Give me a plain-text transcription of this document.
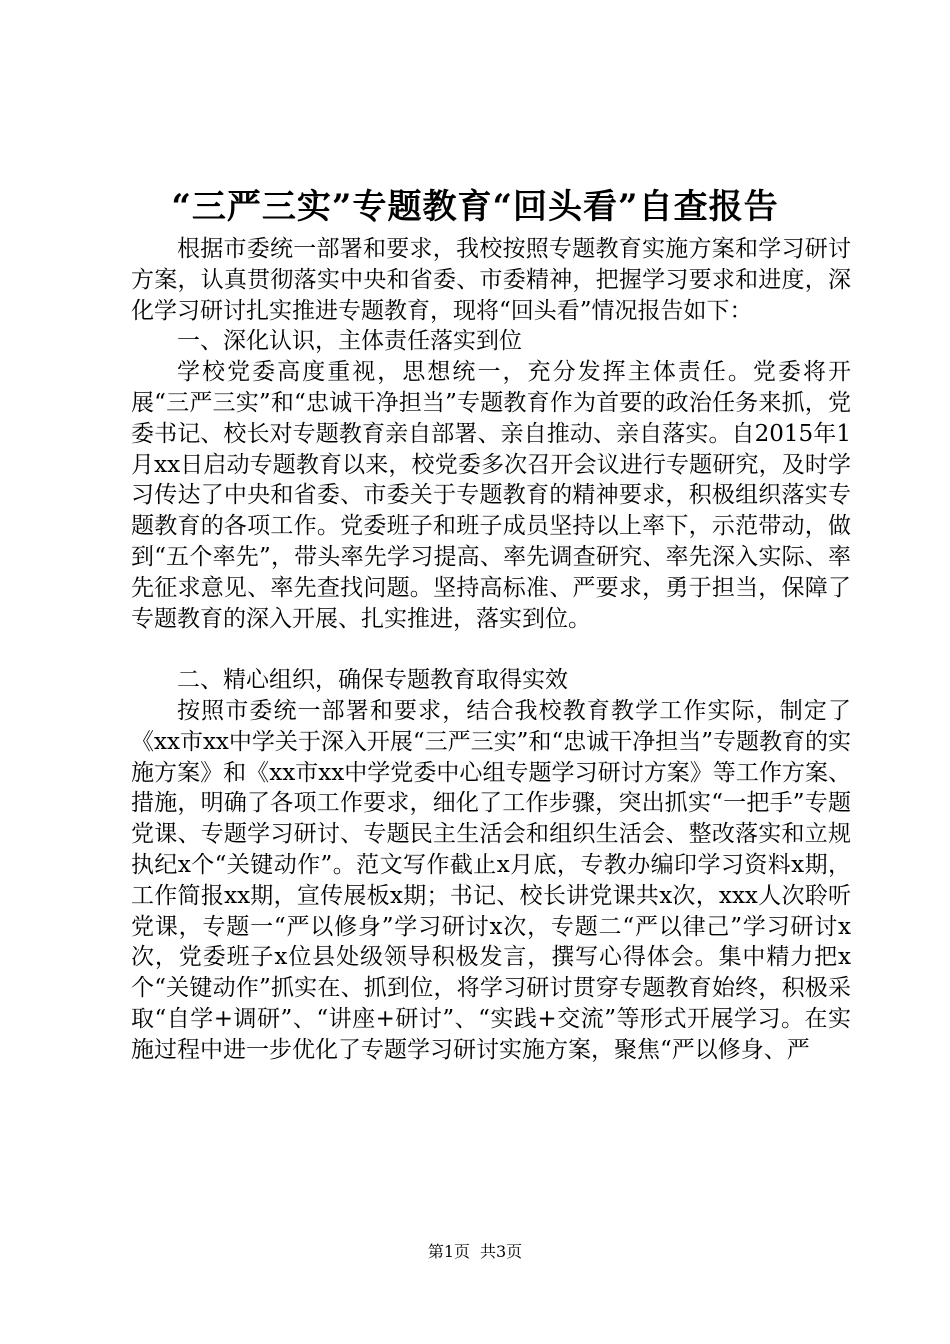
“三严三实”专题教育“回头看”自查报告

根据市委统一部署和要求，我校按照专题教育实施方案和学习研讨方案，认真贯彻落实中央和省委、市委精神，把握学习要求和进度，深化学习研讨扎实推进专题教育，现将“回头看”情况报告如下：

一、深化认识，主体责任落实到位

学校党委高度重视，思想统一，充分发挥主体责任。党委将开展“三严三实”和“忠诚干净担当”专题教育作为首要的政治任务来抓，党委书记、校长对专题教育亲自部署、亲自推动、亲自落实。自2015年1月xx日启动专题教育以来，校党委多次召开会议进行专题研究，及时学习传达了中央和省委、市委关于专题教育的精神要求，积极组织落实专题教育的各项工作。党委班子和班子成员坚持以上率下，示范带动，做到“五个率先”，带头率先学习提高、率先调查研究、率先深入实际、率先征求意见、率先查找问题。坚持高标准、严要求，勇于担当，保障了专题教育的深入开展、扎实推进，落实到位。

二、精心组织，确保专题教育取得实效

按照市委统一部署和要求，结合我校教育教学工作实际，制定了《xx市xx中学关于深入开展“三严三实”和“忠诚干净担当”专题教育的实施方案》和《xx市xx中学党委中心组专题学习研讨方案》等工作方案、措施，明确了各项工作要求，细化了工作步骤，突出抓实“一把手”专题党课、专题学习研讨、专题民主生活会和组织生活会、整改落实和立规执纪x个“关键动作”。范文写作截止x月底，专教办编印学习资料x期，工作简报xx期，宣传展板x期；书记、校长讲党课共x次，xxx人次聆听党课，专题一“严以修身”学习研讨x次，专题二“严以律己”学习研讨x次，党委班子x位县处级领导积极发言，撰写心得体会。集中精力把x个“关键动作”抓实在、抓到位，将学习研讨贯穿专题教育始终，积极采取“自学+调研”、“讲座+研讨”、“实践+交流”等形式开展学习。在实施过程中进一步优化了专题学习研讨实施方案，聚焦“严以修身、严

第1页 共3页
